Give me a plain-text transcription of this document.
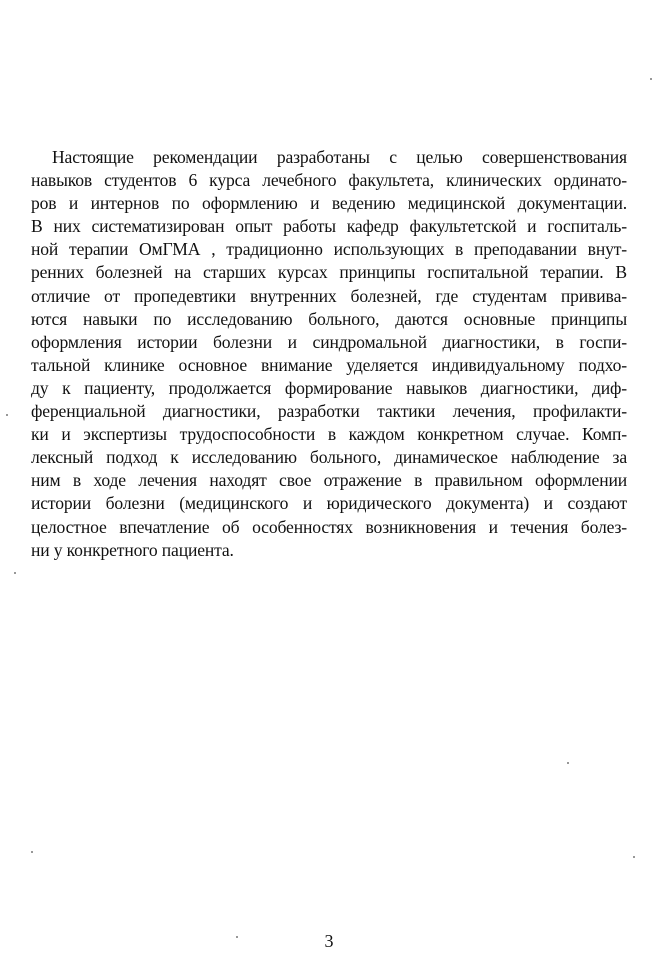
Настоящие рекомендации разработаны с целью совершенствования
навыков студентов 6 курса лечебного факультета, клинических ординато-
ров и интернов по оформлению и ведению медицинской документации.
В них систематизирован опыт работы кафедр факультетской и госпиталь-
ной терапии ОмГМА , традиционно использующих в преподавании внут-
ренних болезней на старших курсах принципы госпитальной терапии. В
отличие от пропедевтики внутренних болезней, где студентам прививa-
ются навыки по исследованию больного, даются основные принципы
оформления истории болезни и синдромальной диагностики, в госпи-
тальной клинике основное внимание уделяется индивидуальному подхо-
ду к пациенту, продолжается формирование навыков диагностики, диф-
ференциальной диагностики, разработки тактики лечения, профилакти-
ки и экспертизы трудоспособности в каждом конкретном случае. Комп-
лексный подход к исследованию больного, динамическое наблюдение за
ним в ходе лечения находят свое отражение в правильном оформлении
истории болезни (медицинского и юридического документа) и создают
целостное впечатление об особенностях возникновения и течения болез-
ни у конкретного пациента.
3
